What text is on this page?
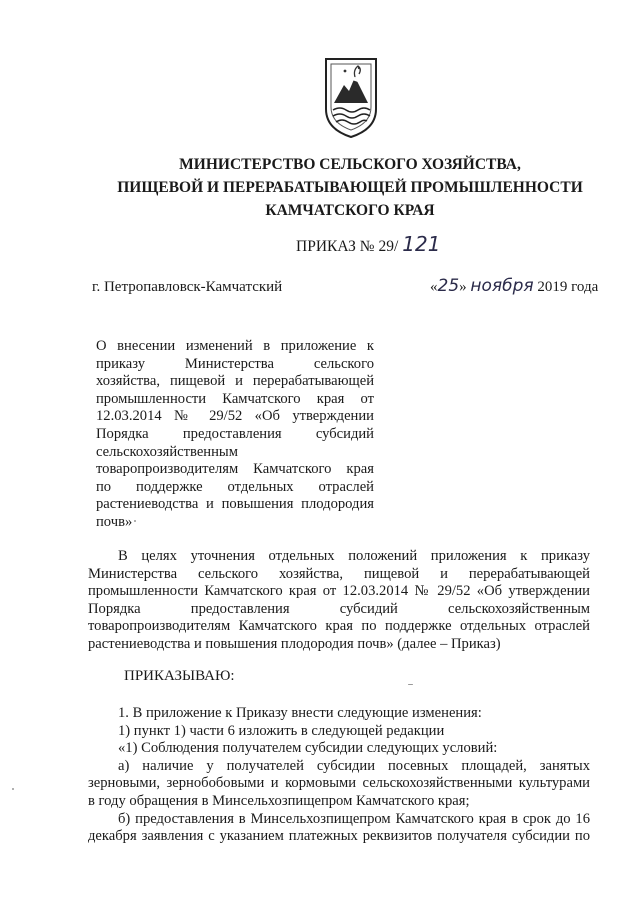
МИНИСТЕРСТВО СЕЛЬСКОГО ХОЗЯЙСТВА,
ПИЩЕВОЙ И ПЕРЕРАБАТЫВАЮЩЕЙ ПРОМЫШЛЕННОСТИ
КАМЧАТСКОГО КРАЯ
ПРИКАЗ № 29/ 121
г. Петропавловск-Камчатский	«25» ноября 2019 года
О внесении изменений в приложение к
приказу Министерства сельского
хозяйства, пищевой и перерабатывающей
промышленности Камчатского края от
12.03.2014 № 29/52 «Об утверждении
Порядка предоставления субсидий
сельскохозяйственным
товаропроизводителям Камчатского края
по поддержке отдельных отраслей
растениеводства и повышения плодородия
почв»
В целях уточнения отдельных положений приложения к приказу
Министерства сельского хозяйства, пищевой и перерабатывающей
промышленности Камчатского края от 12.03.2014 № 29/52 «Об утверждении
Порядка предоставления субсидий сельскохозяйственным
товаропроизводителям Камчатского края по поддержке отдельных отраслей
растениеводства и повышения плодородия почв» (далее – Приказ)
ПРИКАЗЫВАЮ:
1. В приложение к Приказу внести следующие изменения:
1) пункт 1) части 6 изложить в следующей редакции
«1) Соблюдения получателем субсидии следующих условий:
а) наличие у получателей субсидии посевных площадей, занятых
зерновыми, зернобобовыми и кормовыми сельскохозяйственными культурами
в году обращения в Минсельхозпищепром Камчатского края;
б) предоставления в Минсельхозпищепром Камчатского края в срок до 16
декабря заявления с указанием платежных реквизитов получателя субсидии по
